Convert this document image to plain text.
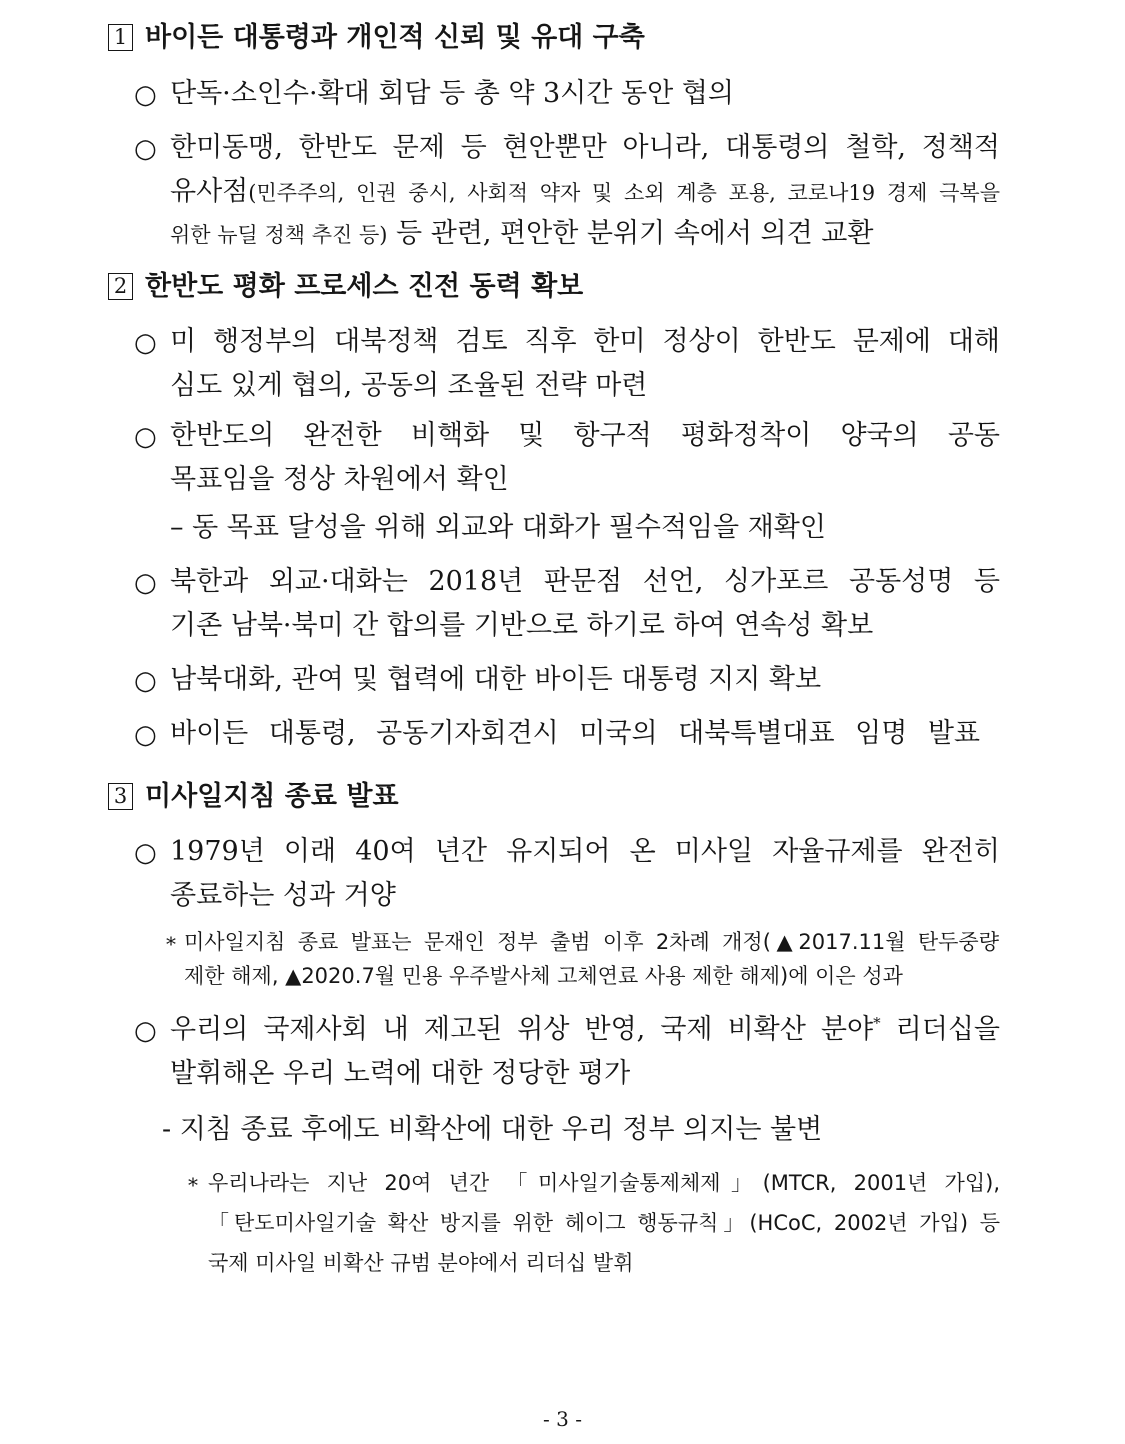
1 바이든 대통령과 개인적 신뢰 및 유대 구축
○ 단독·소인수·확대 회담 등 총 약 3시간 동안 협의
○ 한미동맹, 한반도 문제 등 현안뿐만 아니라, 대통령의 철학, 정책적
유사점(민주주의, 인권 중시, 사회적 약자 및 소외 계층 포용, 코로나19 경제 극복을
위한 뉴딜 정책 추진 등) 등 관련, 편안한 분위기 속에서 의견 교환
2 한반도 평화 프로세스 진전 동력 확보
○ 미 행정부의 대북정책 검토 직후 한미 정상이 한반도 문제에 대해
심도 있게 협의, 공동의 조율된 전략 마련
○ 한반도의 완전한 비핵화 및 항구적 평화정착이 양국의 공동
목표임을 정상 차원에서 확인
– 동 목표 달성을 위해 외교와 대화가 필수적임을 재확인
○ 북한과 외교·대화는 2018년 판문점 선언, 싱가포르 공동성명 등
기존 남북·북미 간 합의를 기반으로 하기로 하여 연속성 확보
○ 남북대화, 관여 및 협력에 대한 바이든 대통령 지지 확보
○ 바이든 대통령, 공동기자회견시 미국의 대북특별대표 임명 발표
3 미사일지침 종료 발표
○ 1979년 이래 40여 년간 유지되어 온 미사일 자율규제를 완전히
종료하는 성과 거양
* 미사일지침 종료 발표는 문재인 정부 출범 이후 2차례 개정(▲2017.11월 탄두중량
제한 해제, ▲2020.7월 민용 우주발사체 고체연료 사용 제한 해제)에 이은 성과
○ 우리의 국제사회 내 제고된 위상 반영, 국제 비확산 분야* 리더십을
발휘해온 우리 노력에 대한 정당한 평가
- 지침 종료 후에도 비확산에 대한 우리 정부 의지는 불변
* 우리나라는 지난 20여 년간 「미사일기술통제체제」(MTCR, 2001년 가입),
「탄도미사일기술 확산 방지를 위한 헤이그 행동규칙」(HCoC, 2002년 가입) 등
국제 미사일 비확산 규범 분야에서 리더십 발휘
- 3 -
